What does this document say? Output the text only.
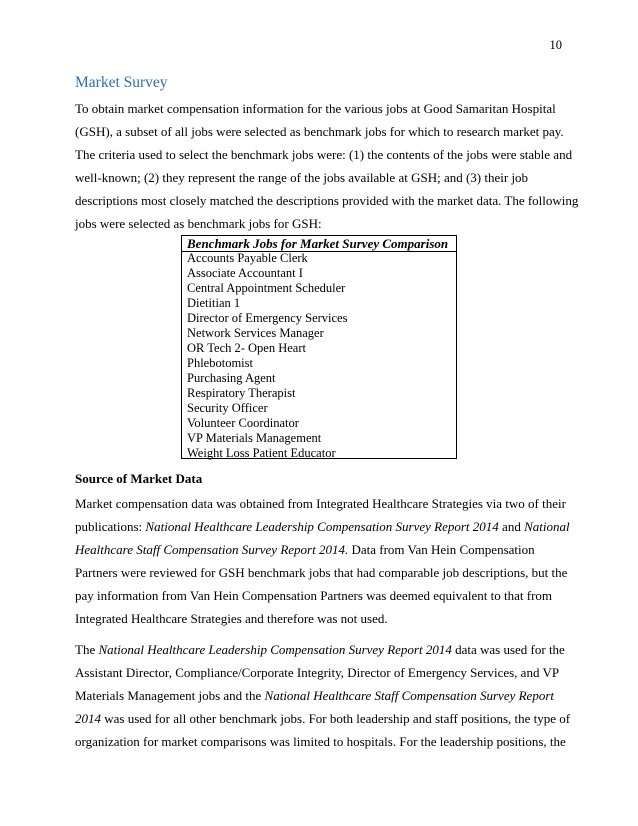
10
Market Survey
To obtain market compensation information for the various jobs at Good Samaritan Hospital
(GSH), a subset of all jobs were selected as benchmark jobs for which to research market pay.
The criteria used to select the benchmark jobs were: (1) the contents of the jobs were stable and
well-known; (2) they represent the range of the jobs available at GSH; and (3) their job
descriptions most closely matched the descriptions provided with the market data. The following
jobs were selected as benchmark jobs for GSH:
Benchmark Jobs for Market Survey Comparison
Accounts Payable Clerk
Associate Accountant I
Central Appointment Scheduler
Dietitian 1
Director of Emergency Services
Network Services Manager
OR Tech 2- Open Heart
Phlebotomist
Purchasing Agent
Respiratory Therapist
Security Officer
Volunteer Coordinator
VP Materials Management
Weight Loss Patient Educator
Source of Market Data
Market compensation data was obtained from Integrated Healthcare Strategies via two of their
publications: National Healthcare Leadership Compensation Survey Report 2014 and National
Healthcare Staff Compensation Survey Report 2014. Data from Van Hein Compensation
Partners were reviewed for GSH benchmark jobs that had comparable job descriptions, but the
pay information from Van Hein Compensation Partners was deemed equivalent to that from
Integrated Healthcare Strategies and therefore was not used.
The National Healthcare Leadership Compensation Survey Report 2014 data was used for the
Assistant Director, Compliance/Corporate Integrity, Director of Emergency Services, and VP
Materials Management jobs and the National Healthcare Staff Compensation Survey Report
2014 was used for all other benchmark jobs. For both leadership and staff positions, the type of
organization for market comparisons was limited to hospitals. For the leadership positions, the
